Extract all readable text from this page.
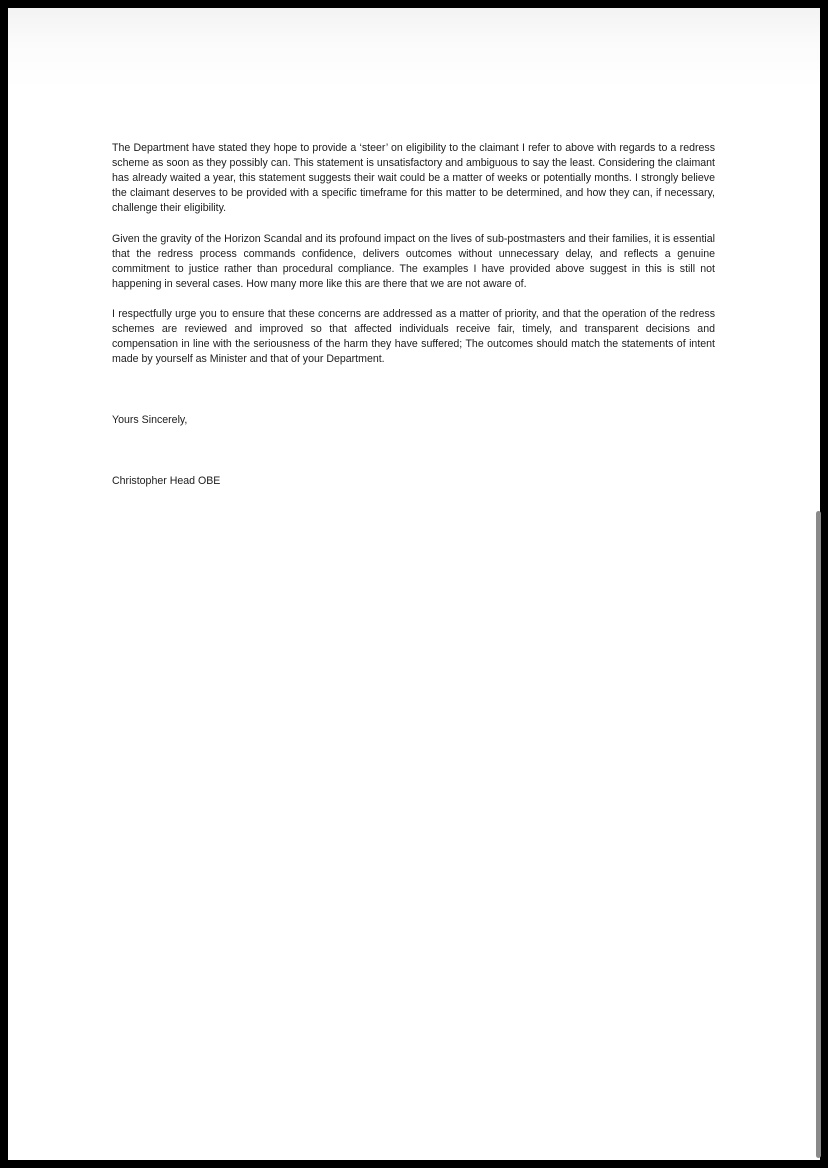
The Department have stated they hope to provide a ‘steer’ on eligibility to the claimant I refer to above with regards to a redress scheme as soon as they possibly can. This statement is unsatisfactory and ambiguous to say the least. Considering the claimant has already waited a year, this statement suggests their wait could be a matter of weeks or potentially months. I strongly believe the claimant deserves to be provided with a specific timeframe for this matter to be determined, and how they can, if necessary, challenge their eligibility.

Given the gravity of the Horizon Scandal and its profound impact on the lives of sub-postmasters and their families, it is essential that the redress process commands confidence, delivers outcomes without unnecessary delay, and reflects a genuine commitment to justice rather than procedural compliance. The examples I have provided above suggest in this is still not happening in several cases. How many more like this are there that we are not aware of.

I respectfully urge you to ensure that these concerns are addressed as a matter of priority, and that the operation of the redress schemes are reviewed and improved so that affected individuals receive fair, timely, and transparent decisions and compensation in line with the seriousness of the harm they have suffered; The outcomes should match the statements of intent made by yourself as Minister and that of your Department.

Yours Sincerely,
Christopher Head OBE
